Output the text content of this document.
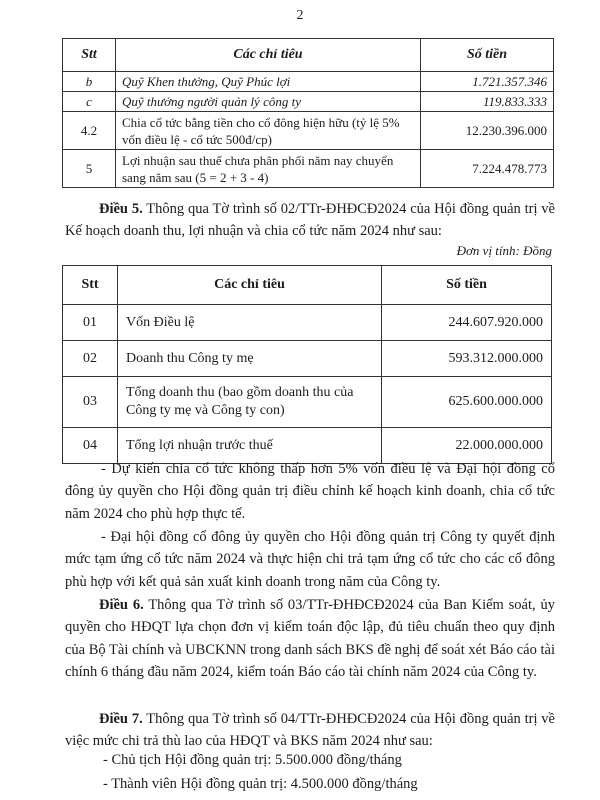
2
Stt	Các chỉ tiêu	Số tiền
b	Quỹ Khen thưởng, Quỹ Phúc lợi	1.721.357.346
c	Quỹ thưởng người quản lý công ty	119.833.333
4.2	Chia cổ tức bằng tiền cho cổ đông hiện hữu (tỷ lệ 5% vốn điều lệ - cổ tức 500đ/cp)	12.230.396.000
5	Lợi nhuận sau thuế chưa phân phối năm nay chuyển sang năm sau (5 = 2 + 3 - 4)	7.224.478.773

Điều 5. Thông qua Tờ trình số 02/TTr-ĐHĐCĐ2024 của Hội đồng quản trị về Kế hoạch doanh thu, lợi nhuận và chia cổ tức năm 2024 như sau:

Đơn vị tính: Đồng
Stt	Các chỉ tiêu	Số tiền
01	Vốn Điều lệ	244.607.920.000
02	Doanh thu Công ty mẹ	593.312.000.000
03	Tổng doanh thu (bao gồm doanh thu của Công ty mẹ và Công ty con)	625.600.000.000
04	Tổng lợi nhuận trước thuế	22.000.000.000

- Dự kiến chia cổ tức không thấp hơn 5% vốn điều lệ và Đại hội đồng cổ đông ủy quyền cho Hội đồng quản trị điều chỉnh kế hoạch kinh doanh, chia cổ tức năm 2024 cho phù hợp thực tế.

- Đại hội đồng cổ đông ủy quyền cho Hội đồng quản trị Công ty quyết định mức tạm ứng cổ tức năm 2024 và thực hiện chi trả tạm ứng cổ tức cho các cổ đông phù hợp với kết quả sản xuất kinh doanh trong năm của Công ty.

Điều 6. Thông qua Tờ trình số 03/TTr-ĐHĐCĐ2024 của Ban Kiểm soát, ủy quyền cho HĐQT lựa chọn đơn vị kiểm toán độc lập, đủ tiêu chuẩn theo quy định của Bộ Tài chính và UBCKNN trong danh sách BKS đề nghị để soát xét Báo cáo tài chính 6 tháng đầu năm 2024, kiểm toán Báo cáo tài chính năm 2024 của Công ty.

Điều 7. Thông qua Tờ trình số 04/TTr-ĐHĐCĐ2024 của Hội đồng quản trị về việc mức chi trả thù lao của HĐQT và BKS năm 2024 như sau:

- Chủ tịch Hội đồng quản trị: 5.500.000 đồng/tháng
- Thành viên Hội đồng quản trị: 4.500.000 đồng/tháng
